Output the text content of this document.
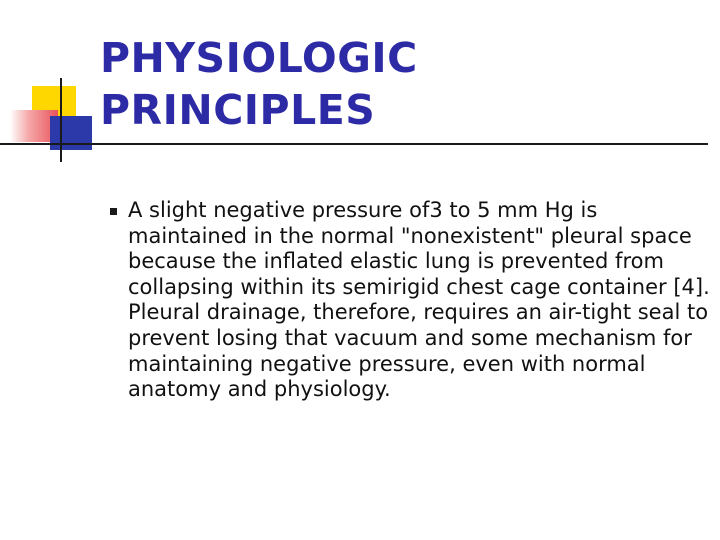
PHYSIOLOGIC
PRINCIPLES
A slight negative pressure of3 to 5 mm Hg is maintained in the normal "nonexistent" pleural space because the inflated elastic lung is prevented from collapsing within its semirigid chest cage container [4]. Pleural drainage, therefore, requires an air-tight seal to prevent losing that vacuum and some mechanism for maintaining negative pressure, even with normal anatomy and physiology.
